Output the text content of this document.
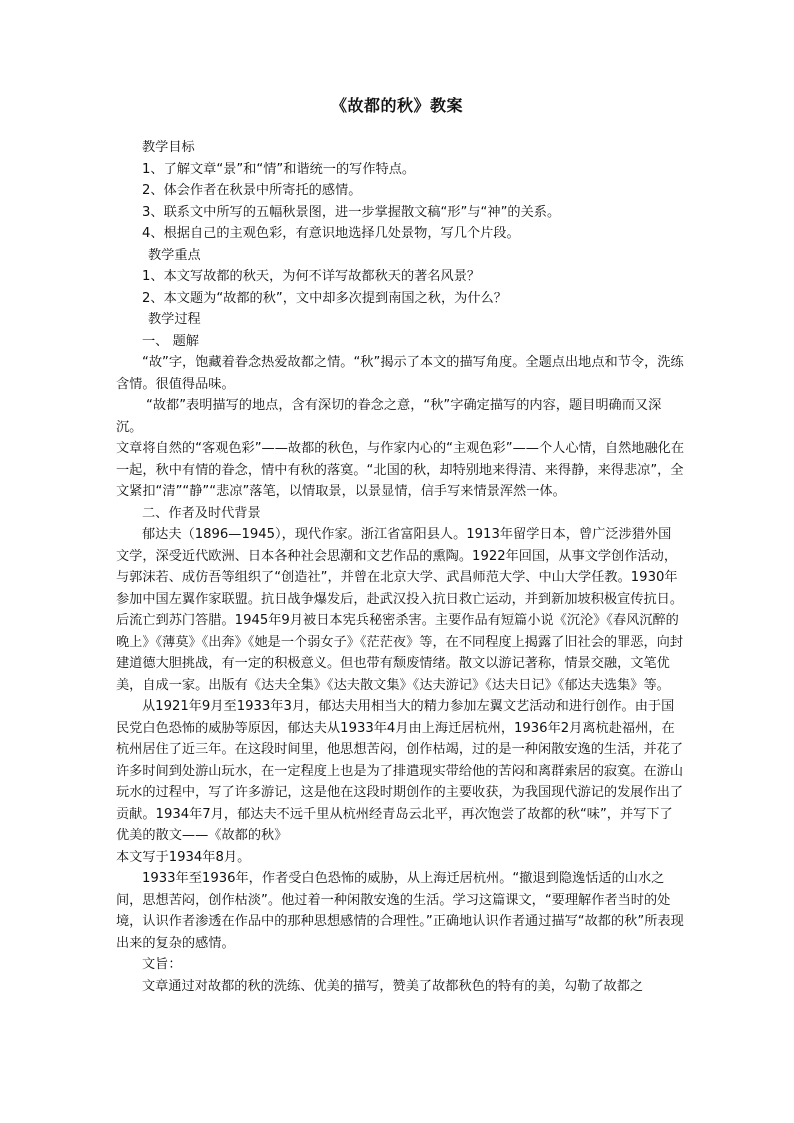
《故都的秋》教案

教学目标

1、了解文章“景”和“情”和谐统一的写作特点。

2、体会作者在秋景中所寄托的感情。

3、联系文中所写的五幅秋景图，进一步掌握散文稿“形”与“神”的关系。

4、根据自己的主观色彩，有意识地选择几处景物，写几个片段。

教学重点

1、本文写故都的秋天，为何不详写故都秋天的著名风景？

2、本文题为“故都的秋”，文中却多次提到南国之秋，为什么？

教学过程

一、 题解

“故”字，饱藏着眷念热爱故都之情。“秋”揭示了本文的描写角度。全题点出地点和节令，洗练含情。很值得品味。

“故都”表明描写的地点，含有深切的眷念之意，“秋”字确定描写的内容，题目明确而又深沉。

文章将自然的“客观色彩”——故都的秋色，与作家内心的“主观色彩”——个人心情，自然地融化在一起，秋中有情的眷念，情中有秋的落寞。“北国的秋，却特别地来得清、来得静，来得悲凉”，全文紧扣“清”“静”“悲凉”落笔，以情取景，以景显情，信手写来情景浑然一体。

二、作者及时代背景

郁达夫（1896—1945），现代作家。浙江省富阳县人。1913年留学日本，曾广泛涉猎外国文学，深受近代欧洲、日本各种社会思潮和文艺作品的熏陶。1922年回国，从事文学创作活动，与郭沫若、成仿吾等组织了“创造社”，并曾在北京大学、武昌师范大学、中山大学任教。1930年参加中国左翼作家联盟。抗日战争爆发后，赴武汉投入抗日救亡运动，并到新加坡积极宣传抗日。后流亡到苏门答腊。1945年9月被日本宪兵秘密杀害。主要作品有短篇小说《沉沦》《春风沉醉的晚上》《薄莫》《出奔》《她是一个弱女子》《茫茫夜》等，在不同程度上揭露了旧社会的罪恶，向封建道德大胆挑战，有一定的积极意义。但也带有颓废情绪。散文以游记著称，情景交融，文笔优美，自成一家。出版有《达夫全集》《达夫散文集》《达夫游记》《达夫日记》《郁达夫选集》等。

从1921年9月至1933年3月，郁达夫用相当大的精力参加左翼文艺活动和进行创作。由于国民党白色恐怖的威胁等原因，郁达夫从1933年4月由上海迁居杭州，1936年2月离杭赴福州，在杭州居住了近三年。在这段时间里，他思想苦闷，创作枯竭，过的是一种闲散安逸的生活，并花了许多时间到处游山玩水，在一定程度上也是为了排遣现实带给他的苦闷和离群索居的寂寞。在游山玩水的过程中，写了许多游记，这是他在这段时期创作的主要收获，为我国现代游记的发展作出了贡献。1934年7月，郁达夫不远千里从杭州经青岛云北平，再次饱尝了故都的秋“味”，并写下了优美的散文——《故都的秋》

本文写于1934年8月。

1933年至1936年，作者受白色恐怖的威胁，从上海迁居杭州。“撤退到隐逸恬适的山水之间，思想苦闷，创作枯淡”。他过着一种闲散安逸的生活。学习这篇课文，“要理解作者当时的处境，认识作者渗透在作品中的那种思想感情的合理性。”正确地认识作者通过描写“故都的秋”所表现出来的复杂的感情。

文旨：

文章通过对故都的秋的洗练、优美的描写，赞美了故都秋色的特有的美，勾勒了故都之
